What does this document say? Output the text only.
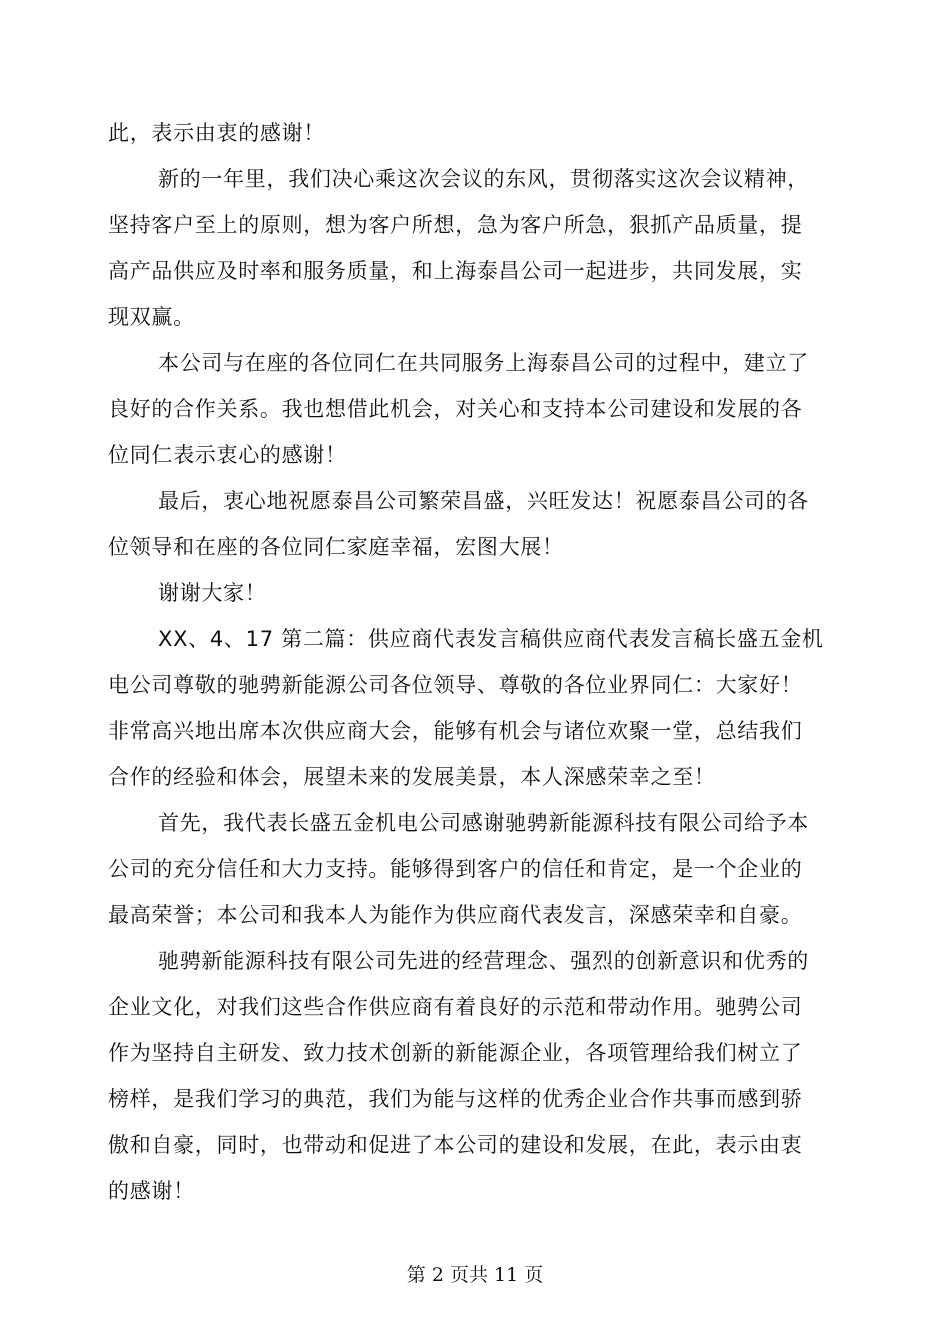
此，表示由衷的感谢！
新的一年里，我们决心乘这次会议的东风，贯彻落实这次会议精神，
坚持客户至上的原则，想为客户所想，急为客户所急，狠抓产品质量，提
高产品供应及时率和服务质量，和上海泰昌公司一起进步，共同发展，实
现双赢。
本公司与在座的各位同仁在共同服务上海泰昌公司的过程中，建立了
良好的合作关系。我也想借此机会，对关心和支持本公司建设和发展的各
位同仁表示衷心的感谢！
最后，衷心地祝愿泰昌公司繁荣昌盛，兴旺发达！祝愿泰昌公司的各
位领导和在座的各位同仁家庭幸福，宏图大展！
谢谢大家！
XX、4、17 第二篇：供应商代表发言稿供应商代表发言稿长盛五金机
电公司尊敬的驰骋新能源公司各位领导、尊敬的各位业界同仁：大家好！
非常高兴地出席本次供应商大会，能够有机会与诸位欢聚一堂，总结我们
合作的经验和体会，展望未来的发展美景，本人深感荣幸之至！
首先，我代表长盛五金机电公司感谢驰骋新能源科技有限公司给予本
公司的充分信任和大力支持。能够得到客户的信任和肯定，是一个企业的
最高荣誉；本公司和我本人为能作为供应商代表发言，深感荣幸和自豪。
驰骋新能源科技有限公司先进的经营理念、强烈的创新意识和优秀的
企业文化，对我们这些合作供应商有着良好的示范和带动作用。驰骋公司
作为坚持自主研发、致力技术创新的新能源企业，各项管理给我们树立了
榜样，是我们学习的典范，我们为能与这样的优秀企业合作共事而感到骄
傲和自豪，同时，也带动和促进了本公司的建设和发展，在此，表示由衷
的感谢！
第 2 页共 11 页
